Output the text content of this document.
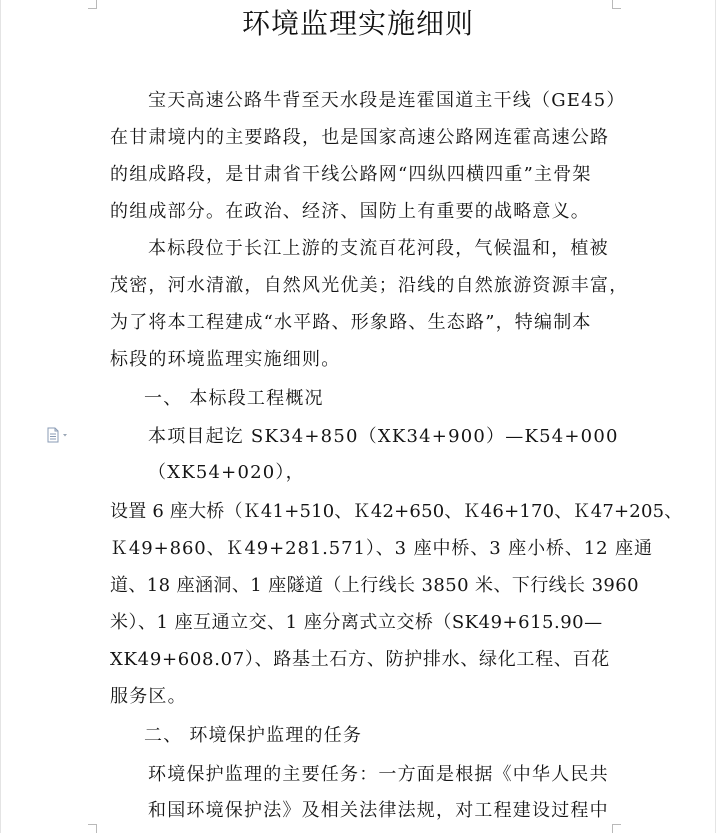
环境监理实施细则
宝天高速公路牛背至天水段是连霍国道主干线（GE45）
在甘肃境内的主要路段，也是国家高速公路网连霍高速公路
的组成路段，是甘肃省干线公路网“四纵四横四重”主骨架
的组成部分。在政治、经济、国防上有重要的战略意义。
本标段位于长江上游的支流百花河段，气候温和，植被
茂密，河水清澈，自然风光优美；沿线的自然旅游资源丰富，
为了将本工程建成“水平路、形象路、生态路”，特编制本
标段的环境监理实施细则。
一、 本标段工程概况
本项目起讫 SK34+850（XK34+900）—K54+000
（XK54+020），
设置 6 座大桥（Ｋ41+510、Ｋ42+650、Ｋ46+170、Ｋ47+205、
Ｋ49+860、Ｋ49+281.571）、3 座中桥、3 座小桥、12 座通
道、18 座涵洞、1 座隧道（上行线长 3850 米、下行线长 3960
米）、1 座互通立交、1 座分离式立交桥（SK49+615.90—
XK49+608.07）、路基土石方、防护排水、绿化工程、百花
服务区。
二、 环境保护监理的任务
环境保护监理的主要任务：一方面是根据《中华人民共
和国环境保护法》及相关法律法规，对工程建设过程中
